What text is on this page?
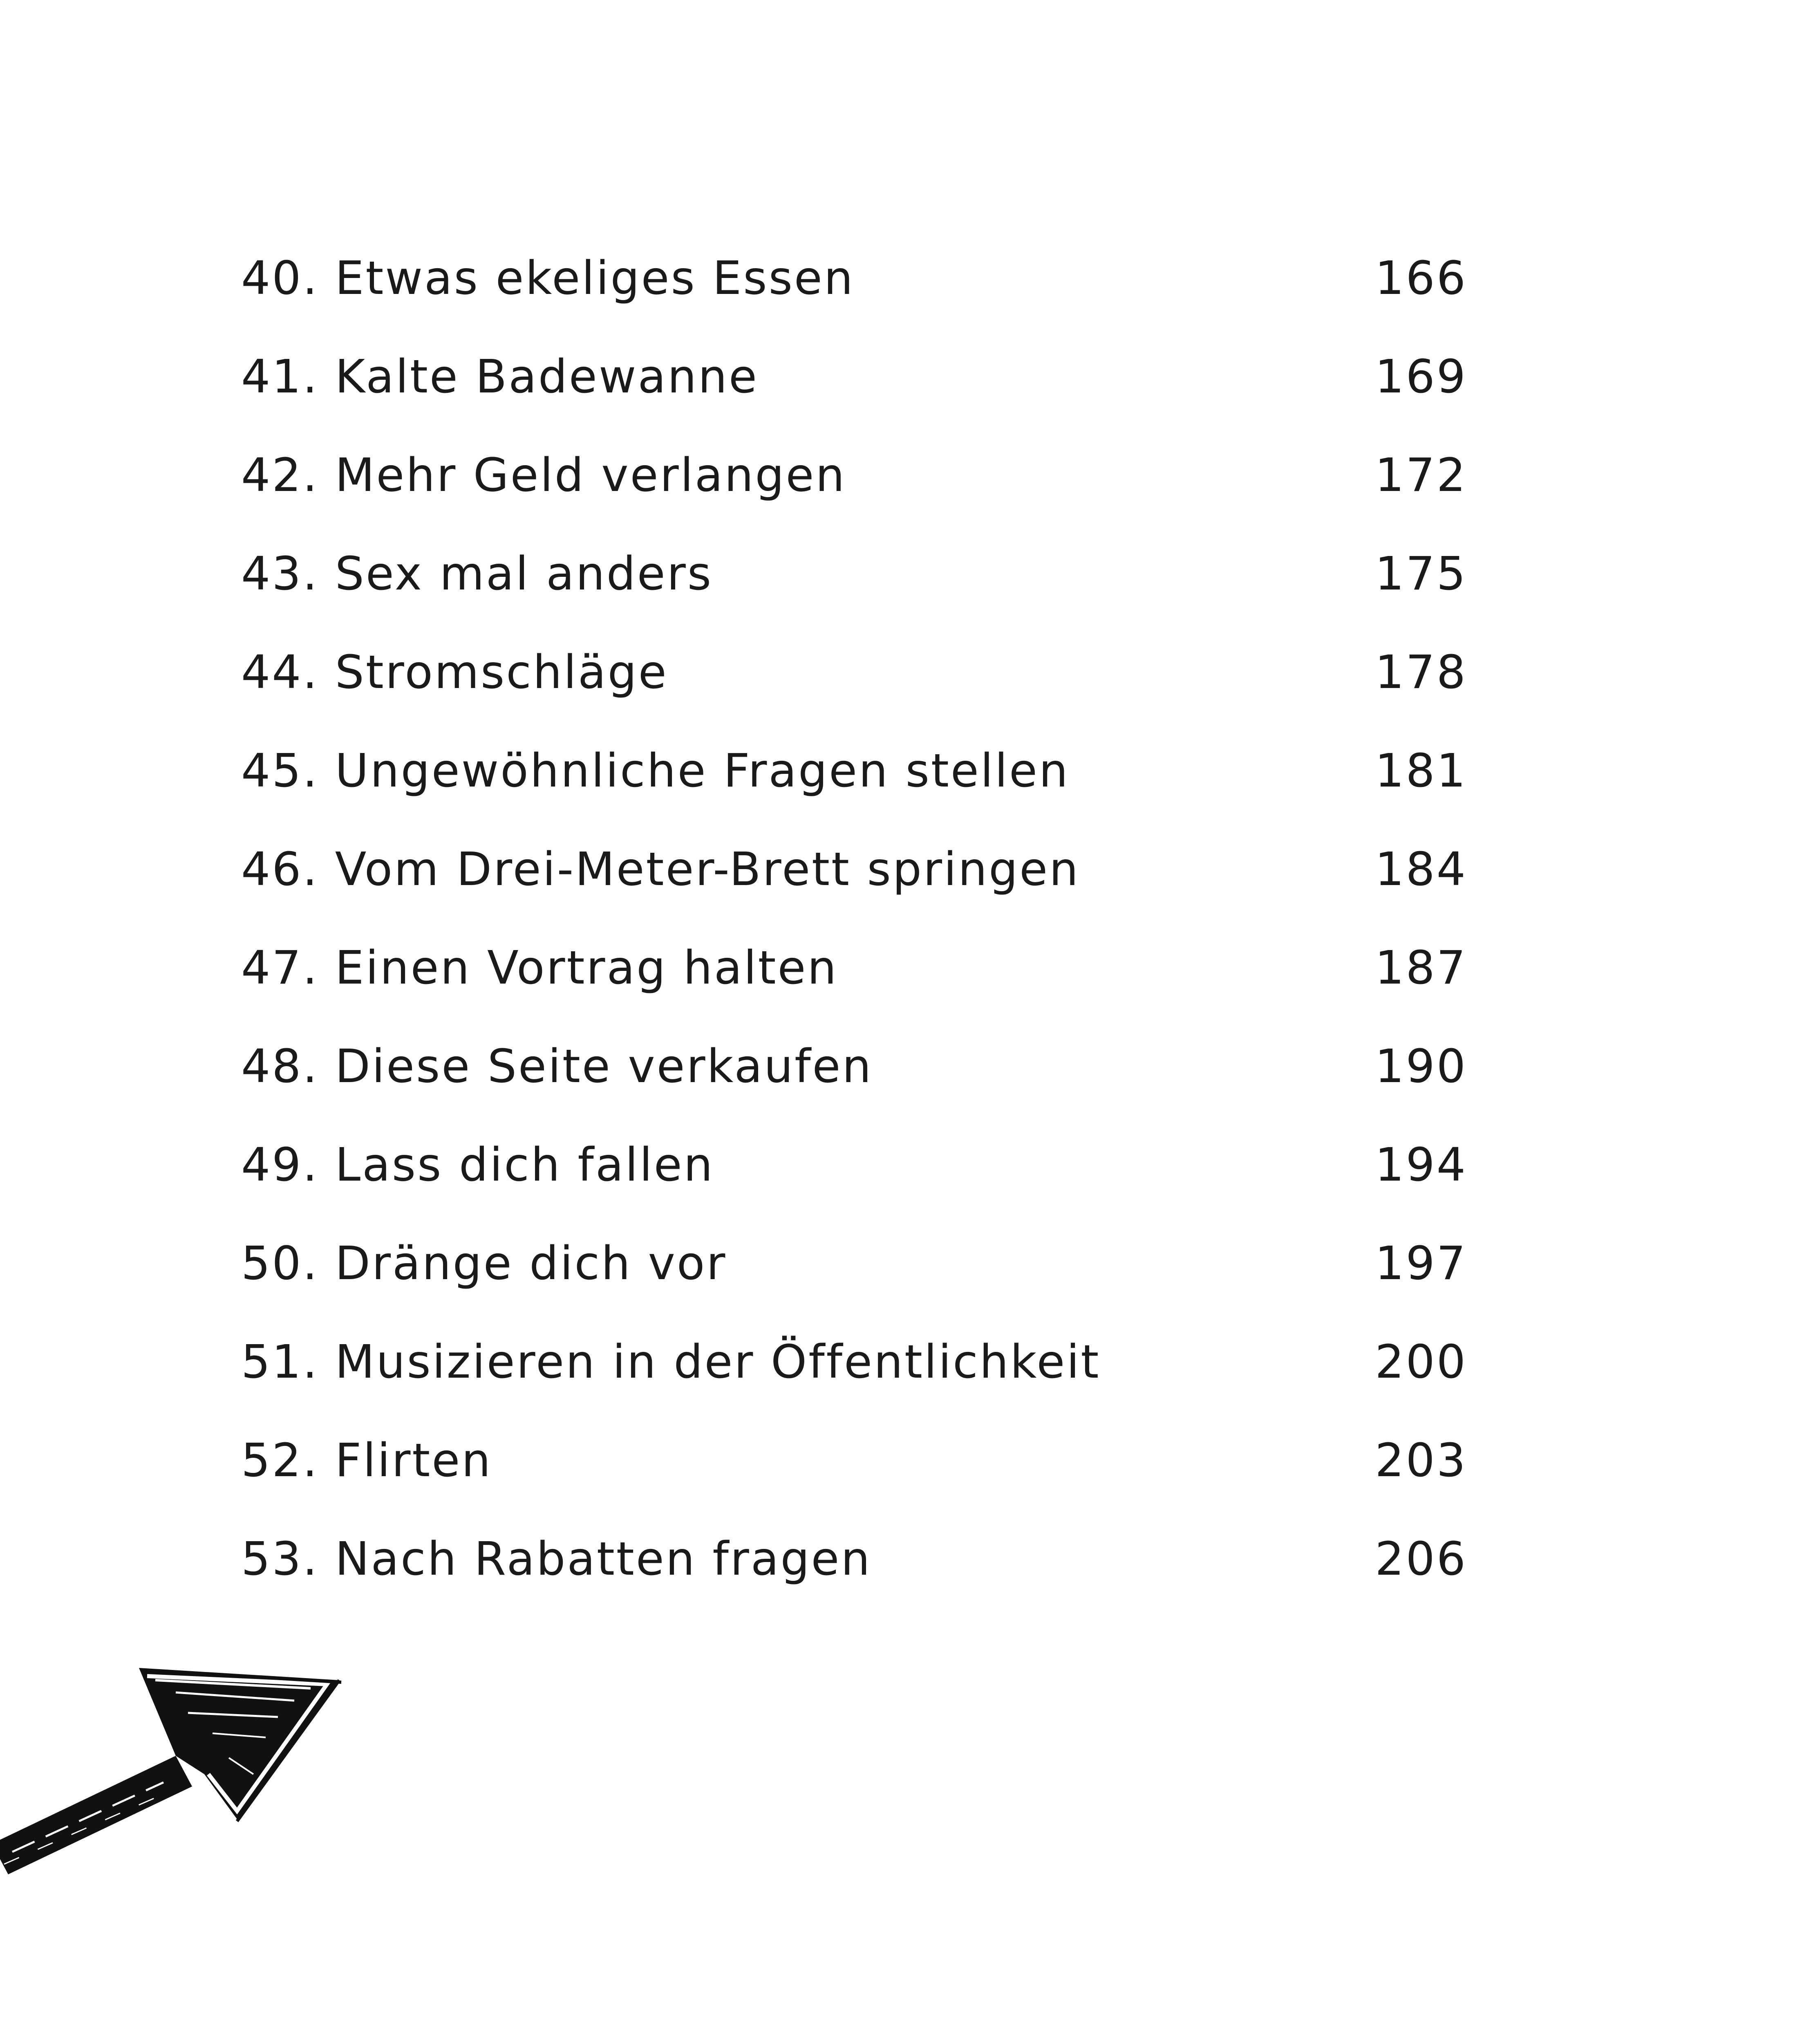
40. Etwas ekeliges Essen	166
41. Kalte Badewanne	169
42. Mehr Geld verlangen	172
43. Sex mal anders	175
44. Stromschläge	178
45. Ungewöhnliche Fragen stellen	181
46. Vom Drei-Meter-Brett springen	184
47. Einen Vortrag halten	187
48. Diese Seite verkaufen	190
49. Lass dich fallen	194
50. Dränge dich vor	197
51. Musizieren in der Öffentlichkeit	200
52. Flirten	203
53. Nach Rabatten fragen	206
